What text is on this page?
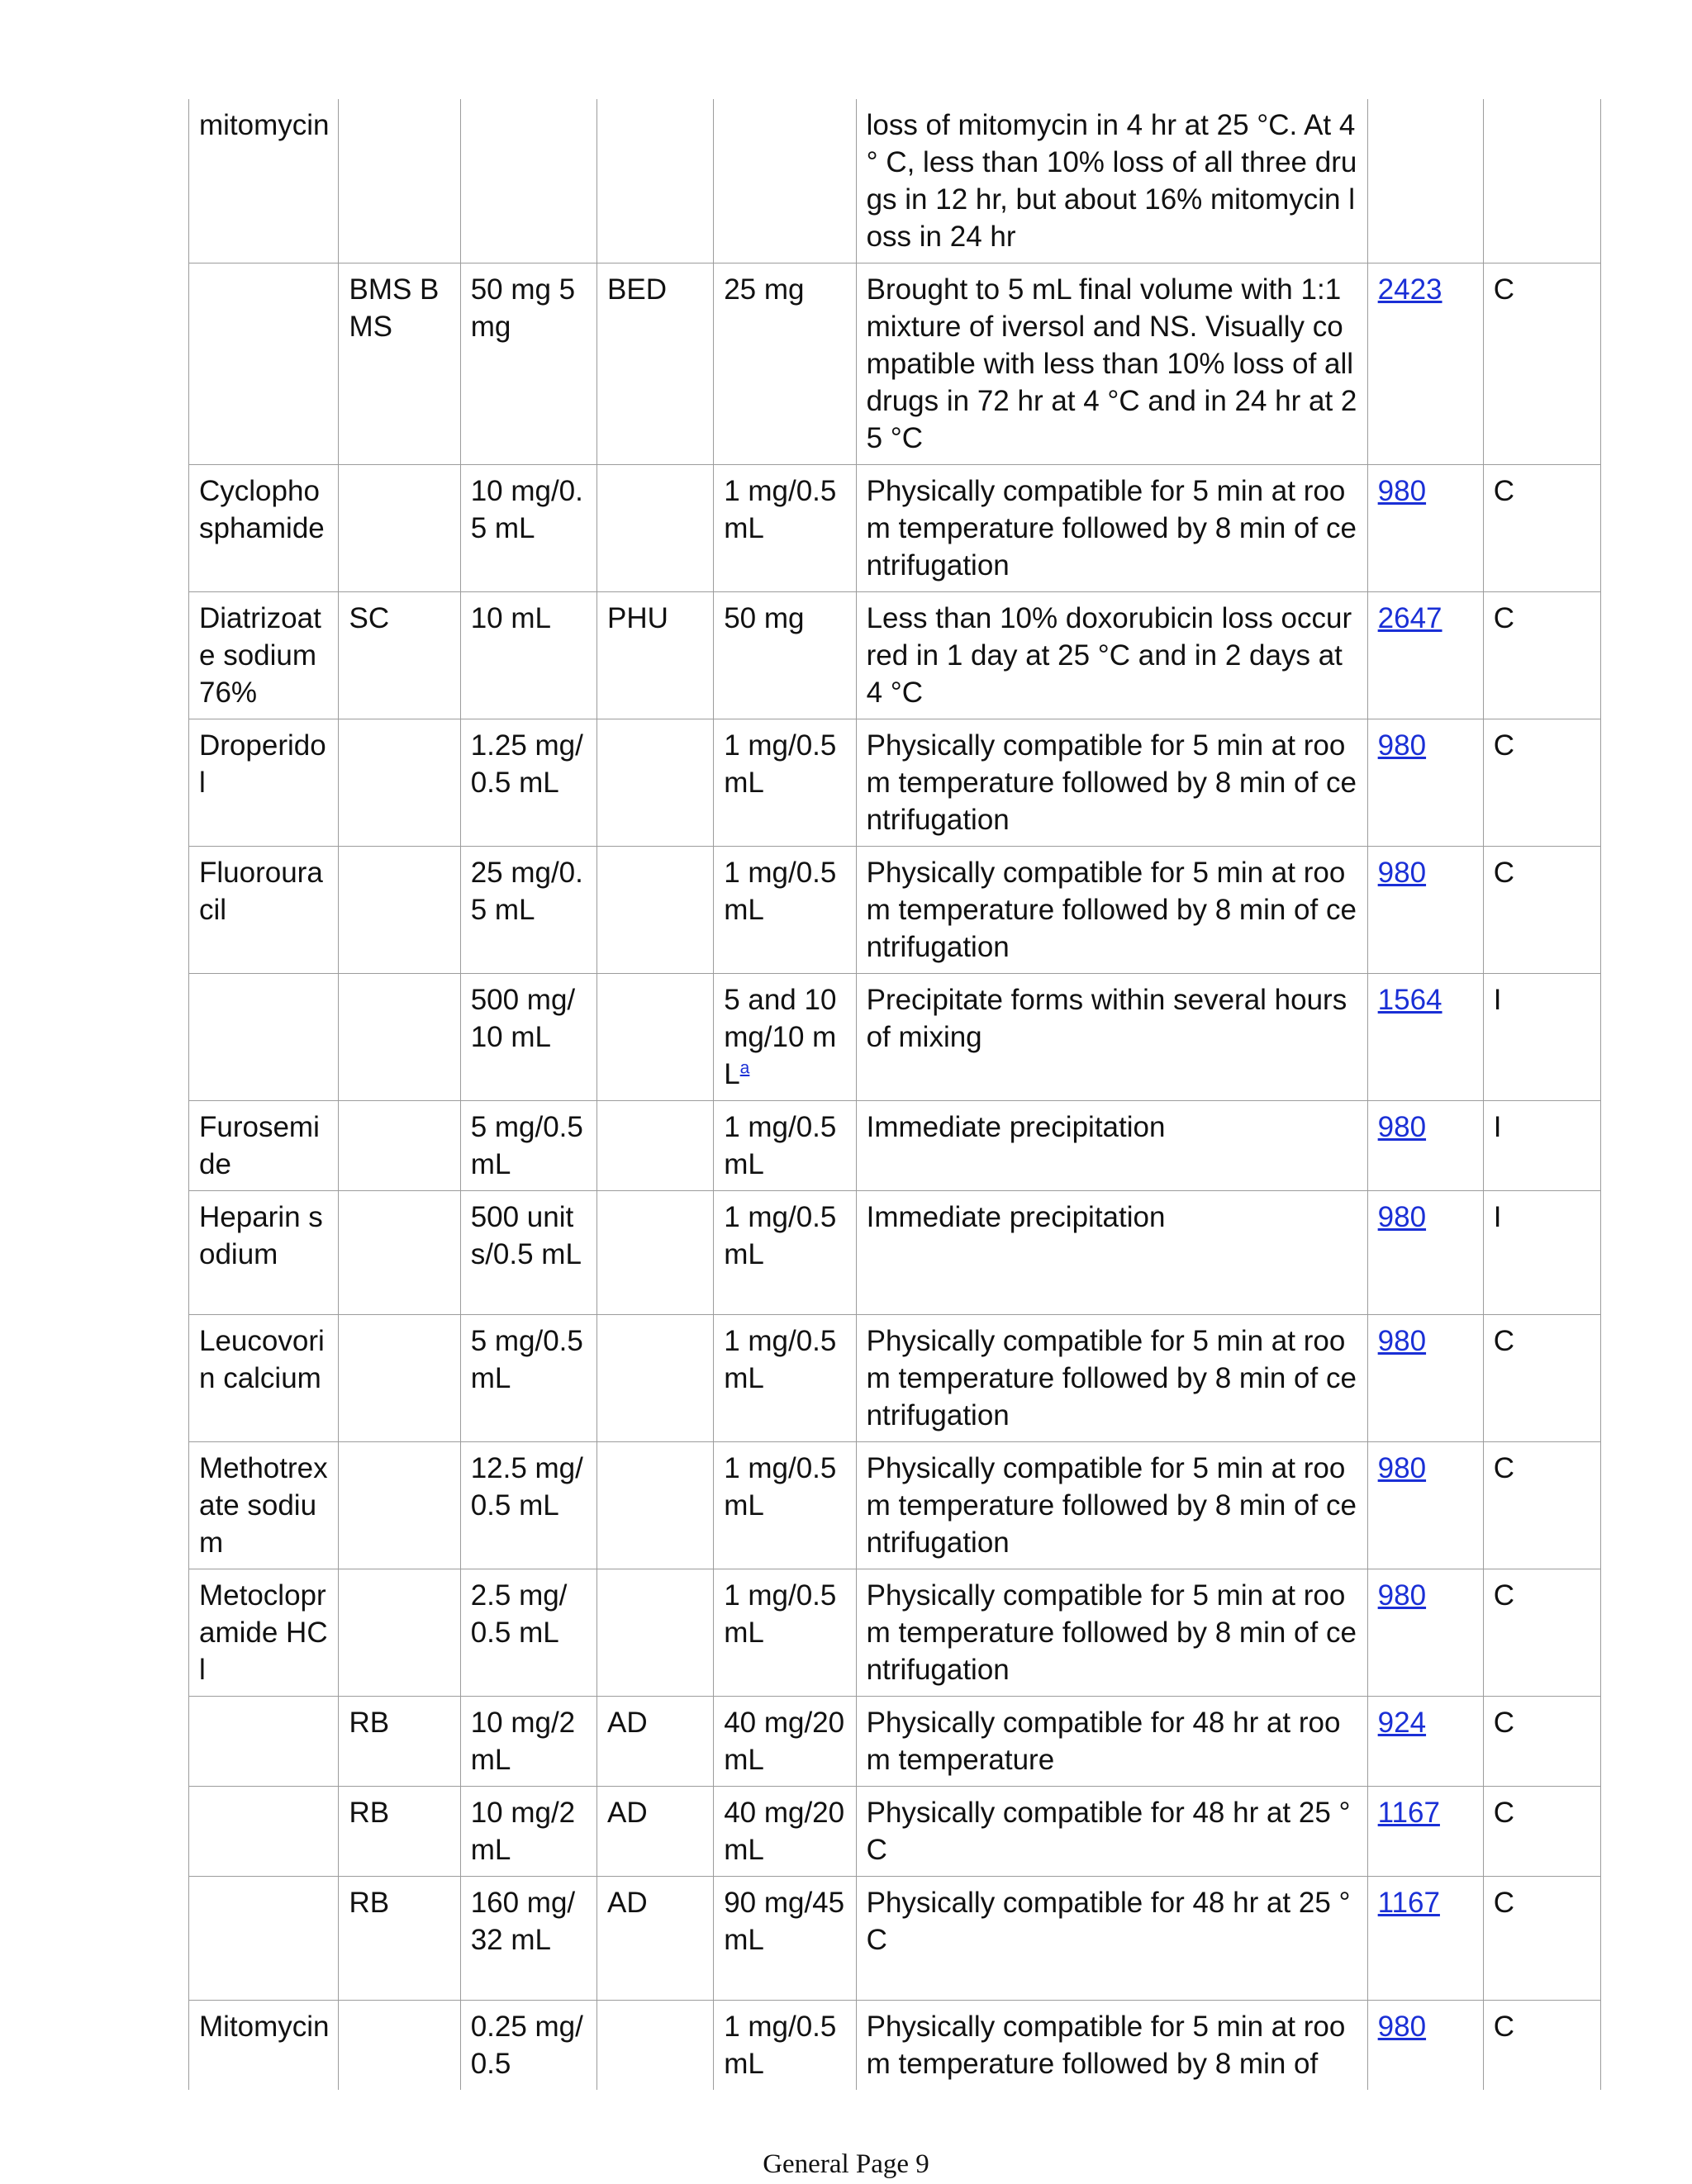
mitomycin					loss of mitomycin in 4 hr at 25 °C. At 4 ° C, less than 10% loss of all three drugs in 12 hr, but about 16% mitomycin loss in 24 hr		
	BMS BMS	50 mg 5 mg	BED	25 mg	Brought to 5 mL final volume with 1:1 mixture of iversol and NS. Visually compatible with less than 10% loss of all drugs in 72 hr at 4 °C and in 24 hr at 25 °C	2423	C
Cyclophosphamide		10 mg/0.5 mL		1 mg/0.5 mL	Physically compatible for 5 min at room temperature followed by 8 min of centrifugation	980	C
Diatrizoate sodium 76%	SC	10 mL	PHU	50 mg	Less than 10% doxorubicin loss occurred in 1 day at 25 °C and in 2 days at 4 °C	2647	C
Droperidol		1.25 mg/0.5 mL		1 mg/0.5 mL	Physically compatible for 5 min at room temperature followed by 8 min of centrifugation	980	C
Fluorouracil		25 mg/0.5 mL		1 mg/0.5 mL	Physically compatible for 5 min at room temperature followed by 8 min of centrifugation	980	C
		500 mg/10 mL		5 and 10 mg/10 mL$^a$	Precipitate forms within several hours of mixing	1564	I
Furosemide		5 mg/0.5 mL		1 mg/0.5 mL	Immediate precipitation	980	I
Heparin sodium		500 units/0.5 mL		1 mg/0.5 mL	Immediate precipitation	980	I
Leucovorin calcium		5 mg/0.5 mL		1 mg/0.5 mL	Physically compatible for 5 min at room temperature followed by 8 min of centrifugation	980	C
Methotrexate sodium		12.5 mg/0.5 mL		1 mg/0.5 mL	Physically compatible for 5 min at room temperature followed by 8 min of centrifugation	980	C
Metoclopramide HCl		2.5 mg/0.5 mL		1 mg/0.5 mL	Physically compatible for 5 min at room temperature followed by 8 min of centrifugation	980	C
	RB	10 mg/2 mL	AD	40 mg/20 mL	Physically compatible for 48 hr at room temperature	924	C
	RB	10 mg/2 mL	AD	40 mg/20 mL	Physically compatible for 48 hr at 25 °C	1167	C
	RB	160 mg/32 mL	AD	90 mg/45 mL	Physically compatible for 48 hr at 25 °C	1167	C
Mitomycin		0.25 mg/0.5		1 mg/0.5 mL	Physically compatible for 5 min at room temperature followed by 8 min of	980	C
General Page 9
